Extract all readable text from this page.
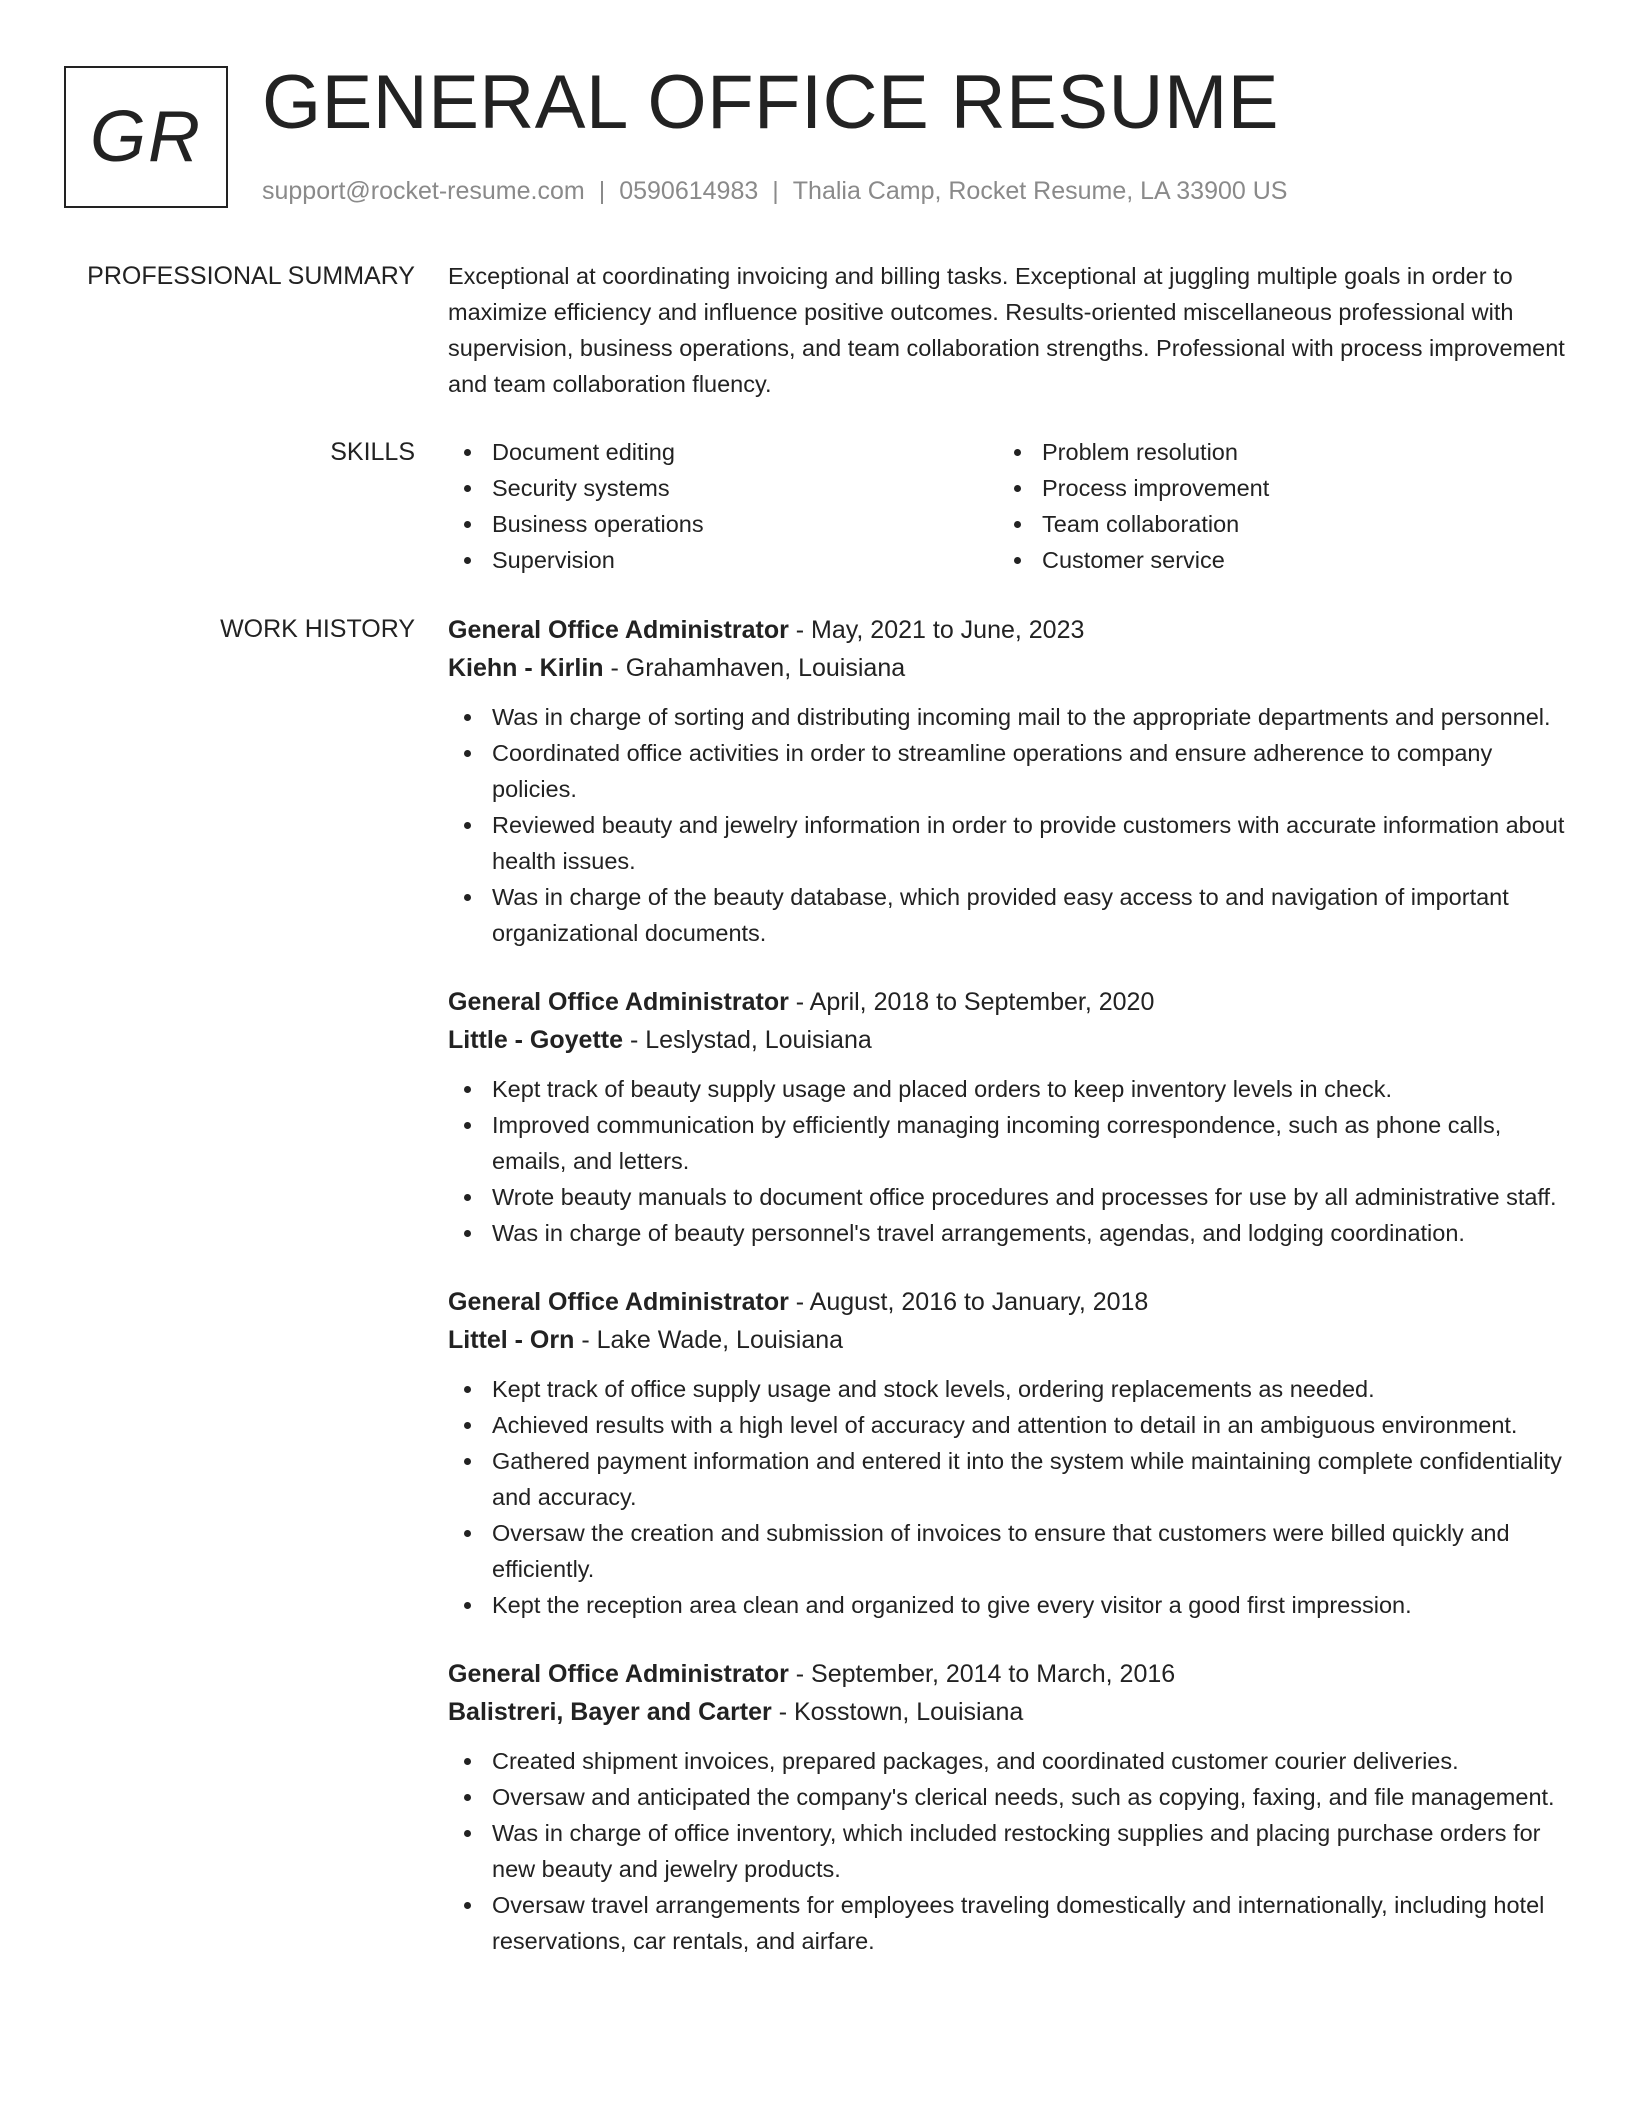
GR GENERAL OFFICE RESUME
support@rocket-resume.com | 0590614983 | Thalia Camp, Rocket Resume, LA 33900 US
PROFESSIONAL SUMMARY Exceptional at coordinating invoicing and billing tasks. Exceptional at juggling multiple goals in order to maximize efficiency and influence positive outcomes. Results-oriented miscellaneous professional with supervision, business operations, and team collaboration strengths. Professional with process improvement and team collaboration fluency.

SKILLS	Document editing
Security systems
Business operations
Supervision
Problem resolution
Process improvement
Team collaboration
Customer service
WORK HISTORY General Office Administrator - May, 2021 to June, 2023
Kiehn - Kirlin - Grahamhaven, Louisiana
Was in charge of sorting and distributing incoming mail to the appropriate departments and personnel.
Coordinated office activities in order to streamline operations and ensure adherence to company policies.
Reviewed beauty and jewelry information in order to provide customers with accurate information about health issues.
Was in charge of the beauty database, which provided easy access to and navigation of important organizational documents.
General Office Administrator - April, 2018 to September, 2020
Little - Goyette - Leslystad, Louisiana
Kept track of beauty supply usage and placed orders to keep inventory levels in check.
Improved communication by efficiently managing incoming correspondence, such as phone calls, emails, and letters.
Wrote beauty manuals to document office procedures and processes for use by all administrative staff.
Was in charge of beauty personnel's travel arrangements, agendas, and lodging coordination.
General Office Administrator - August, 2016 to January, 2018
Littel - Orn - Lake Wade, Louisiana
Kept track of office supply usage and stock levels, ordering replacements as needed.
Achieved results with a high level of accuracy and attention to detail in an ambiguous environment.
Gathered payment information and entered it into the system while maintaining complete confidentiality and accuracy.
Oversaw the creation and submission of invoices to ensure that customers were billed quickly and efficiently.
Kept the reception area clean and organized to give every visitor a good first impression.
General Office Administrator - September, 2014 to March, 2016
Balistreri, Bayer and Carter - Kosstown, Louisiana
Created shipment invoices, prepared packages, and coordinated customer courier deliveries.
Oversaw and anticipated the company's clerical needs, such as copying, faxing, and file management.
Was in charge of office inventory, which included restocking supplies and placing purchase orders for new beauty and jewelry products.
Oversaw travel arrangements for employees traveling domestically and internationally, including hotel reservations, car rentals, and airfare.
